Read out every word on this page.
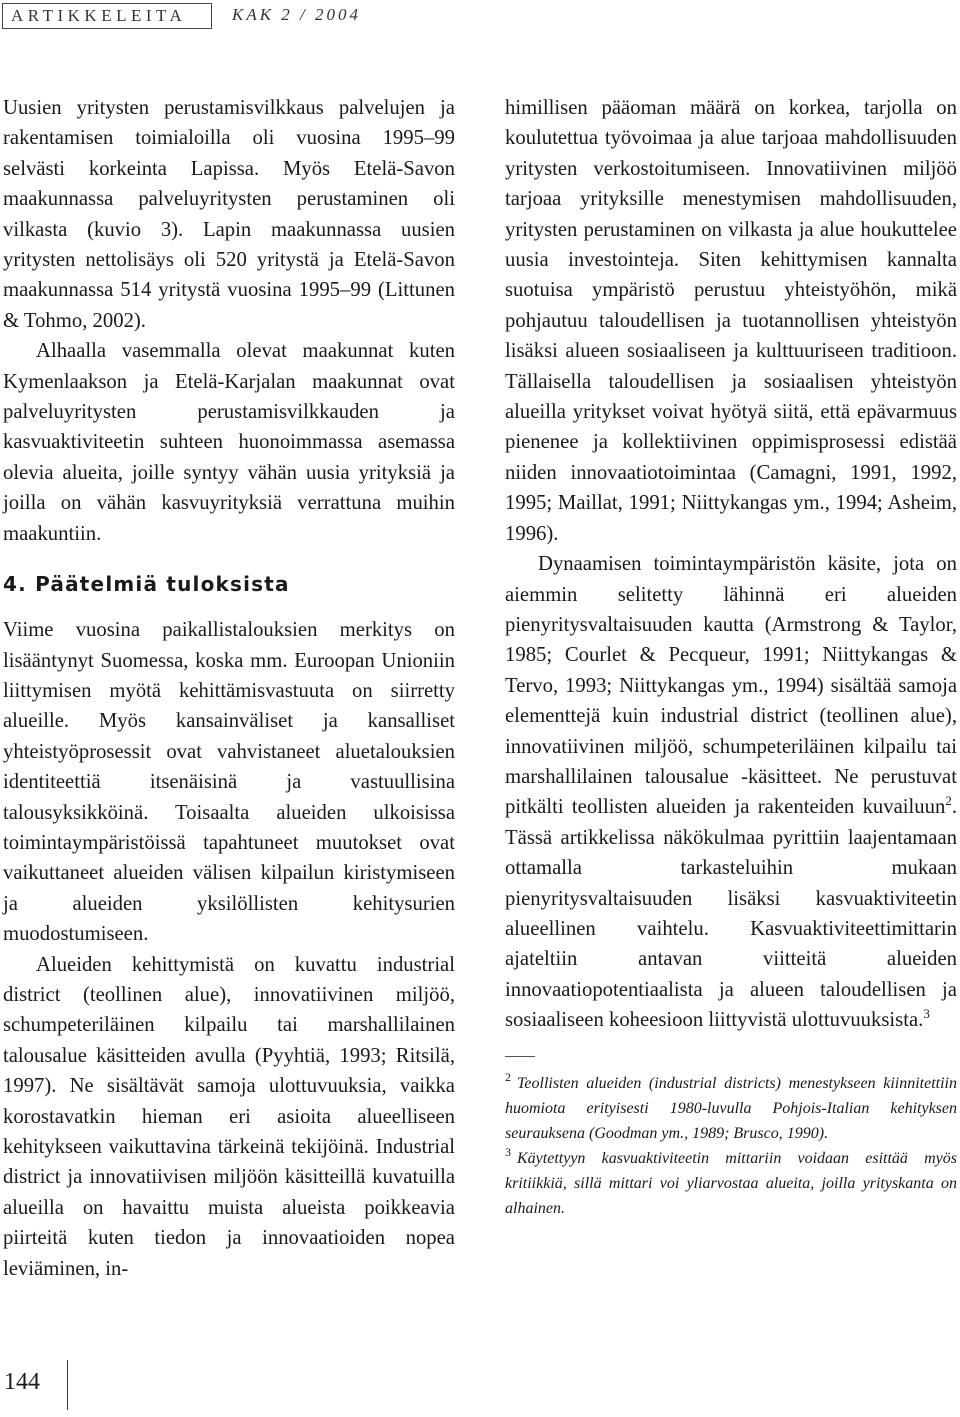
ARTIKKELEITA	KAK 2 / 2004

Uusien yritysten perustamisvilkkaus palvelujen ja rakentamisen toimialoilla oli vuosina 1995–99 selvästi korkeinta Lapissa. Myös Etelä-Savon maakunnassa palveluyritysten perustaminen oli vilkasta (kuvio 3). Lapin maakunnassa uusien yritysten nettolisäys oli 520 yritystä ja Etelä-Savon maakunnassa 514 yritystä vuosina 1995–99 (Littunen & Tohmo, 2002).

Alhaalla vasemmalla olevat maakunnat kuten Kymenlaakson ja Etelä-Karjalan maakunnat ovat palveluyritysten perustamisvilkkauden ja kasvuaktiviteetin suhteen huonoimmassa asemassa olevia alueita, joille syntyy vähän uusia yrityksiä ja joilla on vähän kasvuyrityksiä verrattuna muihin maakuntiin.

4. Päätelmiä tuloksista

Viime vuosina paikallistalouksien merkitys on lisääntynyt Suomessa, koska mm. Euroopan Unioniin liittymisen myötä kehittämisvastuuta on siirretty alueille. Myös kansainväliset ja kansalliset yhteistyöprosessit ovat vahvistaneet aluetalouksien identiteettiä itsenäisinä ja vastuullisina talousyksikköinä. Toisaalta alueiden ulkoisissa toimintaympäristöissä tapahtuneet muutokset ovat vaikuttaneet alueiden välisen kilpailun kiristymiseen ja alueiden yksilöllisten kehitysurien muodostumiseen.

Alueiden kehittymistä on kuvattu industrial district (teollinen alue), innovatiivinen miljöö, schumpeteriläinen kilpailu tai marshallilainen talousalue käsitteiden avulla (Pyyhtiä, 1993; Ritsilä, 1997). Ne sisältävät samoja ulottuvuuksia, vaikka korostavatkin hieman eri asioita alueelliseen kehitykseen vaikuttavina tärkeinä tekijöinä. Industrial district ja innovatiivisen miljöön käsitteillä kuvatuilla alueilla on havaittu muista alueista poikkeavia piirteitä kuten tiedon ja innovaatioiden nopea leviäminen, in-

himillisen pääoman määrä on korkea, tarjolla on koulutettua työvoimaa ja alue tarjoaa mahdollisuuden yritysten verkostoitumiseen. Innovatiivinen miljöö tarjoaa yrityksille menestymisen mahdollisuuden, yritysten perustaminen on vilkasta ja alue houkuttelee uusia investointeja. Siten kehittymisen kannalta suotuisa ympäristö perustuu yhteistyöhön, mikä pohjautuu taloudellisen ja tuotannollisen yhteistyön lisäksi alueen sosiaaliseen ja kulttuuriseen traditioon. Tällaisella taloudellisen ja sosiaalisen yhteistyön alueilla yritykset voivat hyötyä siitä, että epävarmuus pienenee ja kollektiivinen oppimisprosessi edistää niiden innovaatiotoimintaa (Camagni, 1991, 1992, 1995; Maillat, 1991; Niittykangas ym., 1994; Asheim, 1996).

Dynaamisen toimintaympäristön käsite, jota on aiemmin selitetty lähinnä eri alueiden pienyritysvaltaisuuden kautta (Armstrong & Taylor, 1985; Courlet & Pecqueur, 1991; Niittykangas & Tervo, 1993; Niittykangas ym., 1994) sisältää samoja elementtejä kuin industrial district (teollinen alue), innovatiivinen miljöö, schumpeteriläinen kilpailu tai marshallilainen talousalue -käsitteet. Ne perustuvat pitkälti teollisten alueiden ja rakenteiden kuvailuun$^2$. Tässä artikkelissa näkökulmaa pyrittiin laajentamaan ottamalla tarkasteluihin mukaan pienyritysvaltaisuuden lisäksi kasvuaktiviteetin alueellinen vaihtelu. Kasvuaktiviteettimittarin ajateltiin antavan viitteitä alueiden innovaatiopotentiaalista ja alueen taloudellisen ja sosiaaliseen koheesioon liittyvistä ulottuvuuksista.$^3$

$^2$ Teollisten alueiden (industrial districts) menestykseen kiinnitettiin huomiota erityisesti 1980-luvulla Pohjois-Italian kehityksen seurauksena (Goodman ym., 1989; Brusco, 1990).

$^3$ Käytettyyn kasvuaktiviteetin mittariin voidaan esittää myös kritiikkiä, sillä mittari voi yliarvostaa alueita, joilla yrityskanta on alhainen.

144
